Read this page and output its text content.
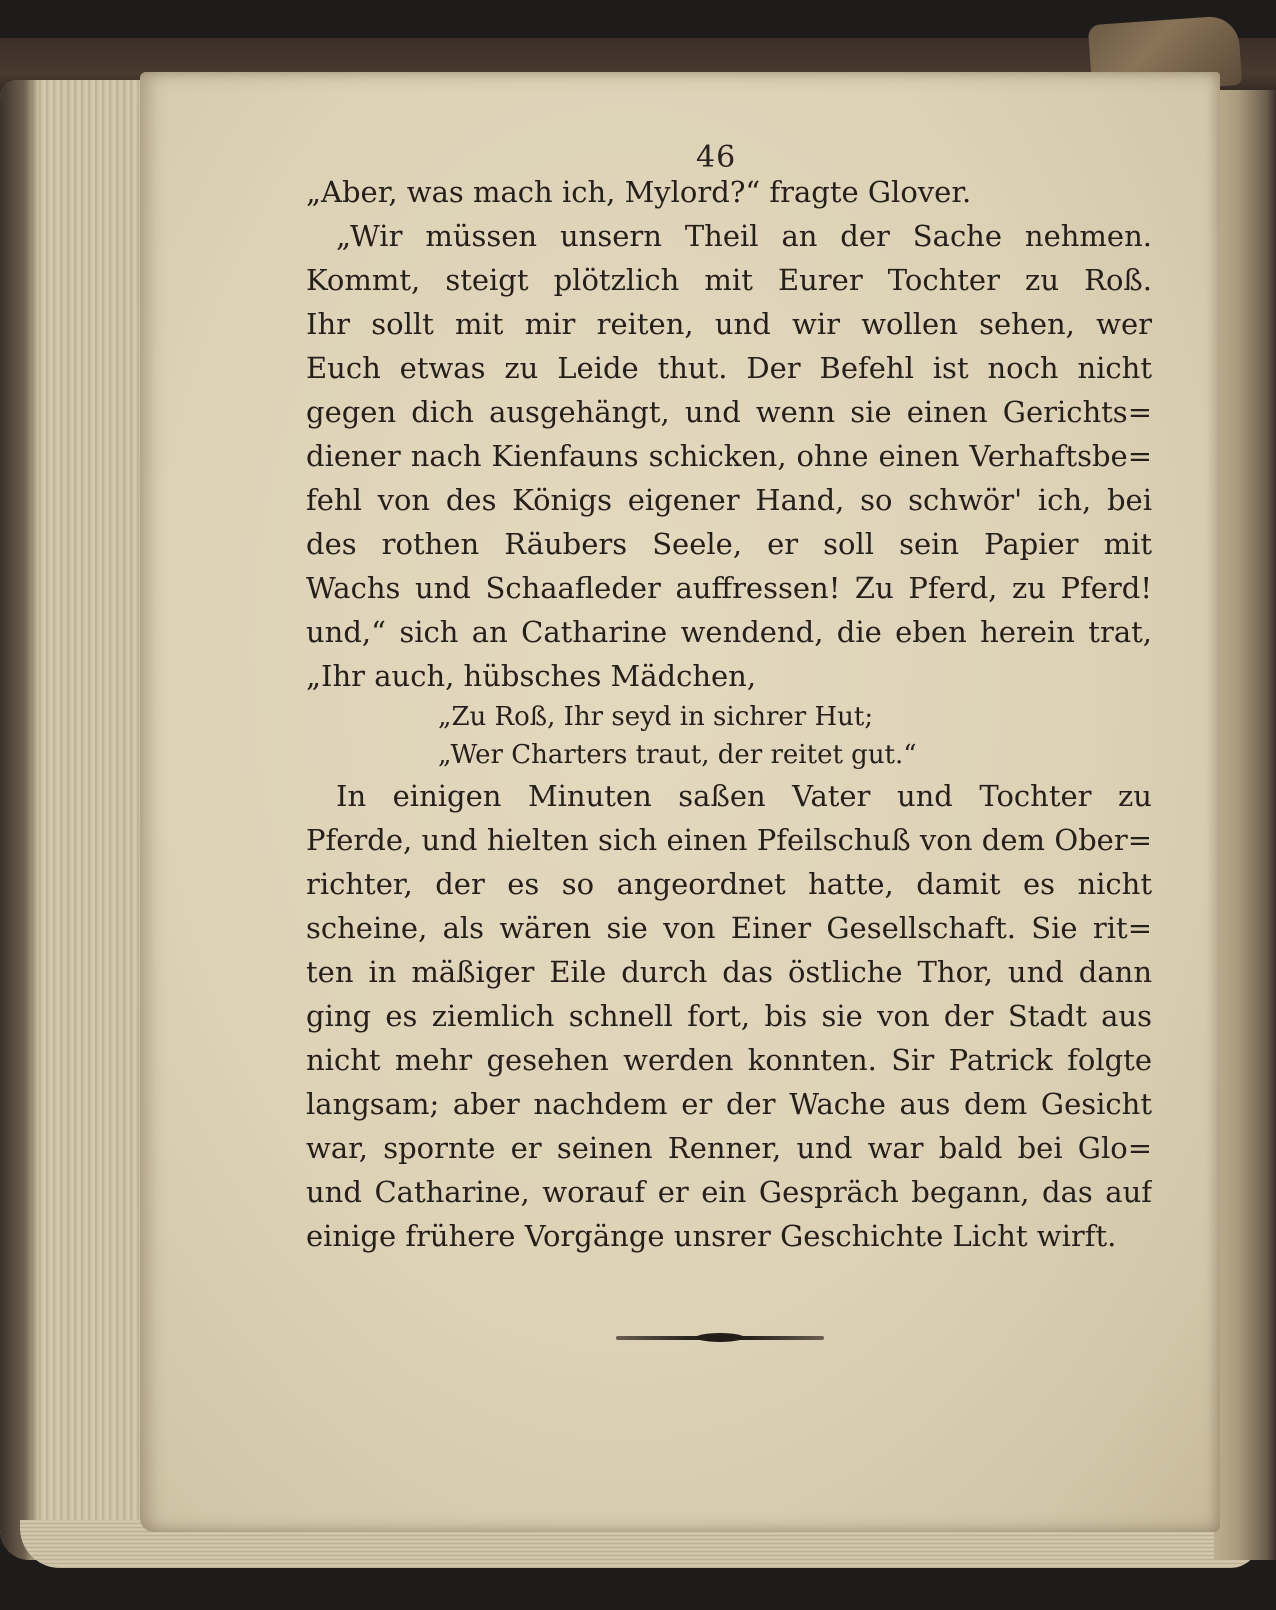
46
„Aber, was mach ich, Mylord?“ fragte Glover.
„Wir müssen unsern Theil an der Sache nehmen.
Kommt, steigt plötzlich mit Eurer Tochter zu Roß.
Ihr sollt mit mir reiten, und wir wollen sehen, wer
Euch etwas zu Leide thut. Der Befehl ist noch nicht
gegen dich ausgehängt, und wenn sie einen Gerichts=
diener nach Kienfauns schicken, ohne einen Verhaftsbe=
fehl von des Königs eigener Hand, so schwör' ich, bei
des rothen Räubers Seele, er soll sein Papier mit
Wachs und Schaafleder auffressen! Zu Pferd, zu Pferd!
und,“ sich an Catharine wendend, die eben herein trat,
„Ihr auch, hübsches Mädchen,
„Zu Roß, Ihr seyd in sichrer Hut;
„Wer Charters traut, der reitet gut.“
In einigen Minuten saßen Vater und Tochter zu
Pferde, und hielten sich einen Pfeilschuß von dem Ober=
richter, der es so angeordnet hatte, damit es nicht
scheine, als wären sie von Einer Gesellschaft. Sie rit=
ten in mäßiger Eile durch das östliche Thor, und dann
ging es ziemlich schnell fort, bis sie von der Stadt aus
nicht mehr gesehen werden konnten. Sir Patrick folgte
langsam; aber nachdem er der Wache aus dem Gesicht
war, spornte er seinen Renner, und war bald bei Glo=
und Catharine, worauf er ein Gespräch begann, das auf
einige frühere Vorgänge unsrer Geschichte Licht wirft.
